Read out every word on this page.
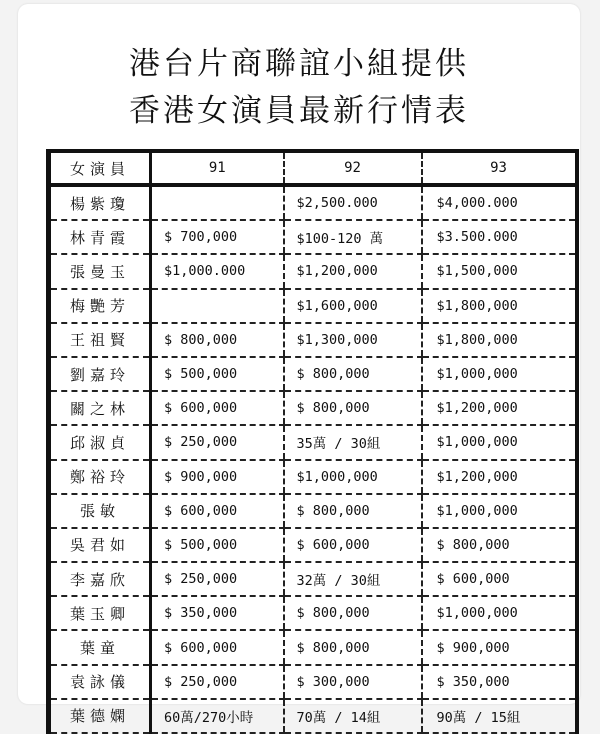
港台片商聯誼小組提供
香港女演員最新行情表
女演員	91	92	93
楊紫瓊		$2,500.000	$4,000.000
林青霞	$ 700,000	$100-120 萬	$3.500.000
張曼玉	$1,000.000	$1,200,000	$1,500,000
梅艷芳		$1,600,000	$1,800,000
王祖賢	$ 800,000	$1,300,000	$1,800,000
劉嘉玲	$ 500,000	$ 800,000	$1,000,000
關之林	$ 600,000	$ 800,000	$1,200,000
邱淑貞	$ 250,000	35萬 / 30組	$1,000,000
鄭裕玲	$ 900,000	$1,000,000	$1,200,000
張敏	$ 600,000	$ 800,000	$1,000,000
吳君如	$ 500,000	$ 600,000	$ 800,000
李嘉欣	$ 250,000	32萬 / 30組	$ 600,000
葉玉卿	$ 350,000	$ 800,000	$1,000,000
葉童	$ 600,000	$ 800,000	$ 900,000
袁詠儀	$ 250,000	$ 300,000	$ 350,000
葉德嫻	60萬/270小時	70萬 / 14組	90萬 / 15組
